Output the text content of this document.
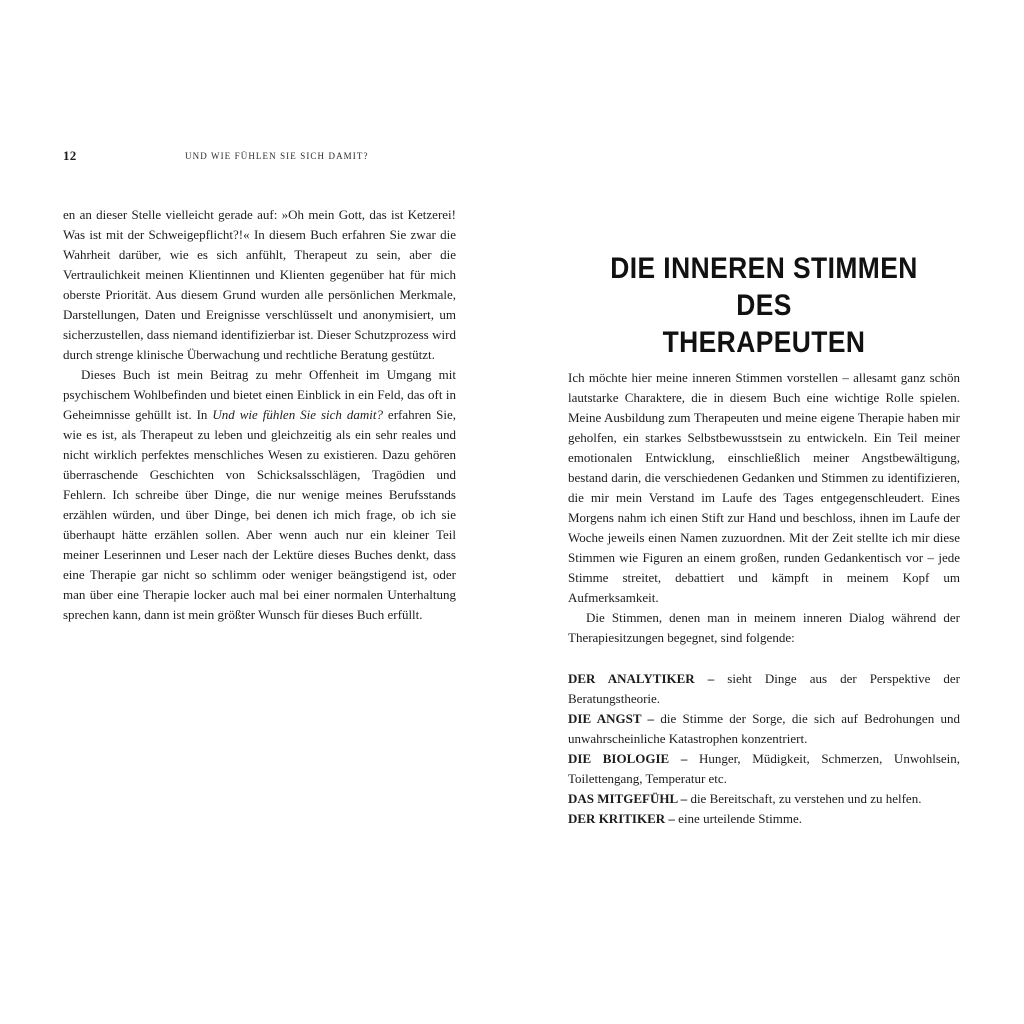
12	UND WIE FÜHLEN SIE SICH DAMIT?

en an dieser Stelle vielleicht gerade auf: »Oh mein Gott, das ist Ketzerei! Was ist mit der Schweigepflicht?!« In diesem Buch erfahren Sie zwar die Wahrheit darüber, wie es sich anfühlt, Therapeut zu sein, aber die Vertraulichkeit meinen Klientinnen und Klienten gegenüber hat für mich oberste Priorität. Aus diesem Grund wurden alle persönlichen Merkmale, Darstellungen, Daten und Ereignisse verschlüsselt und anonymisiert, um sicherzustellen, dass niemand identifizierbar ist. Dieser Schutzprozess wird durch strenge klinische Überwachung und rechtliche Beratung gestützt.

Dieses Buch ist mein Beitrag zu mehr Offenheit im Umgang mit psychischem Wohlbefinden und bietet einen Einblick in ein Feld, das oft in Geheimnisse gehüllt ist. In Und wie fühlen Sie sich damit? erfahren Sie, wie es ist, als Therapeut zu leben und gleichzeitig als ein sehr reales und nicht wirklich perfektes menschliches Wesen zu existieren. Dazu gehören überraschende Geschichten von Schicksalsschlägen, Tragödien und Fehlern. Ich schreibe über Dinge, die nur wenige meines Berufsstands erzählen würden, und über Dinge, bei denen ich mich frage, ob ich sie überhaupt hätte erzählen sollen. Aber wenn auch nur ein kleiner Teil meiner Leserinnen und Leser nach der Lektüre dieses Buches denkt, dass eine Therapie gar nicht so schlimm oder weniger beängstigend ist, oder man über eine Therapie locker auch mal bei einer normalen Unterhaltung sprechen kann, dann ist mein größter Wunsch für dieses Buch erfüllt.

DIE INNEREN STIMMEN DES
THERAPEUTEN

Ich möchte hier meine inneren Stimmen vorstellen – allesamt ganz schön lautstarke Charaktere, die in diesem Buch eine wichtige Rolle spielen. Meine Ausbildung zum Therapeuten und meine eigene Therapie haben mir geholfen, ein starkes Selbstbewusstsein zu entwickeln. Ein Teil meiner emotionalen Entwicklung, einschließlich meiner Angstbewältigung, bestand darin, die verschiedenen Gedanken und Stimmen zu identifizieren, die mir mein Verstand im Laufe des Tages entgegenschleudert. Eines Morgens nahm ich einen Stift zur Hand und beschloss, ihnen im Laufe der Woche jeweils einen Namen zuzuordnen. Mit der Zeit stellte ich mir diese Stimmen wie Figuren an einem großen, runden Gedankentisch vor – jede Stimme streitet, debattiert und kämpft in meinem Kopf um Aufmerksamkeit.

Die Stimmen, denen man in meinem inneren Dialog während der Therapiesitzungen begegnet, sind folgende:

DER ANALYTIKER – sieht Dinge aus der Perspektive der Beratungstheorie.

DIE ANGST – die Stimme der Sorge, die sich auf Bedrohungen und unwahrscheinliche Katastrophen konzentriert.

DIE BIOLOGIE – Hunger, Müdigkeit, Schmerzen, Unwohlsein, Toilettengang, Temperatur etc.

DAS MITGEFÜHL – die Bereitschaft, zu verstehen und zu helfen.

DER KRITIKER – eine urteilende Stimme.
